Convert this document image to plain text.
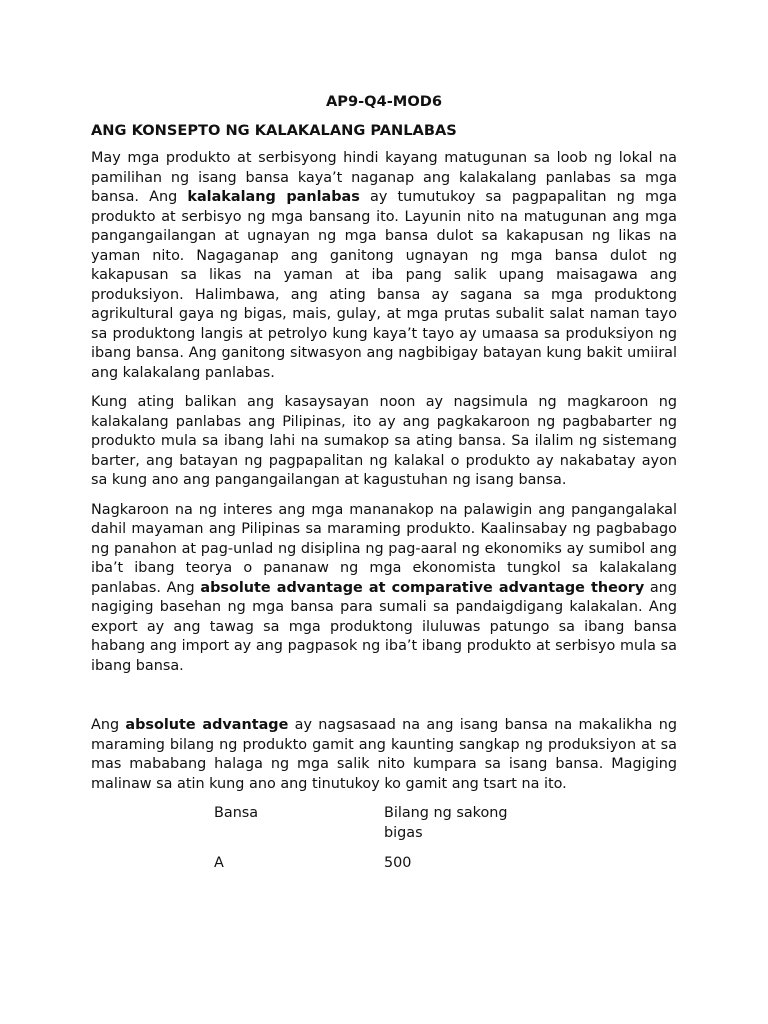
AP9-Q4-MOD6
ANG KONSEPTO NG KALAKALANG PANLABAS

May mga produkto at serbisyong hindi kayang matugunan sa loob ng lokal na pamilihan ng isang bansa kaya’t naganap ang kalakalang panlabas sa mga bansa. Ang kalakalang panlabas ay tumutukoy sa pagpapalitan ng mga produkto at serbisyo ng mga bansang ito. Layunin nito na matugunan ang mga pangangailangan at ugnayan ng mga bansa dulot sa kakapusan ng likas na yaman nito. Nagaganap ang ganitong ugnayan ng mga bansa dulot ng kakapusan sa likas na yaman at iba pang salik upang maisagawa ang produksiyon. Halimbawa, ang ating bansa ay sagana sa mga produktong agrikultural gaya ng bigas, mais, gulay, at mga prutas subalit salat naman tayo sa produktong langis at petrolyo kung kaya’t tayo ay umaasa sa produksiyon ng ibang bansa. Ang ganitong sitwasyon ang nagbibigay batayan kung bakit umiiral ang kalakalang panlabas.

Kung ating balikan ang kasaysayan noon ay nagsimula ng magkaroon ng kalakalang panlabas ang Pilipinas, ito ay ang pagkakaroon ng pagbabarter ng produkto mula sa ibang lahi na sumakop sa ating bansa. Sa ilalim ng sistemang barter, ang batayan ng pagpapalitan ng kalakal o produkto ay nakabatay ayon sa kung ano ang pangangailangan at kagustuhan ng isang bansa.

Nagkaroon na ng interes ang mga mananakop na palawigin ang pangangalakal dahil mayaman ang Pilipinas sa maraming produkto. Kaalinsabay ng pagbabago ng panahon at pag-unlad ng disiplina ng pag-aaral ng ekonomiks ay sumibol ang iba’t ibang teorya o pananaw ng mga ekonomista tungkol sa kalakalang panlabas. Ang absolute advantage at comparative advantage theory ang nagiging basehan ng mga bansa para sumali sa pandaigdigang kalakalan. Ang export ay ang tawag sa mga produktong iluluwas patungo sa ibang bansa habang ang import ay ang pagpasok ng iba’t ibang produkto at serbisyo mula sa ibang bansa.

Ang absolute advantage ay nagsasaad na ang isang bansa na makalikha ng maraming bilang ng produkto gamit ang kaunting sangkap ng produksiyon at sa mas mababang halaga ng mga salik nito kumpara sa isang bansa. Magiging malinaw sa atin kung ano ang tinutukoy ko gamit ang tsart na ito.

Bansa	Bilang ng sakong bigas
A	500
